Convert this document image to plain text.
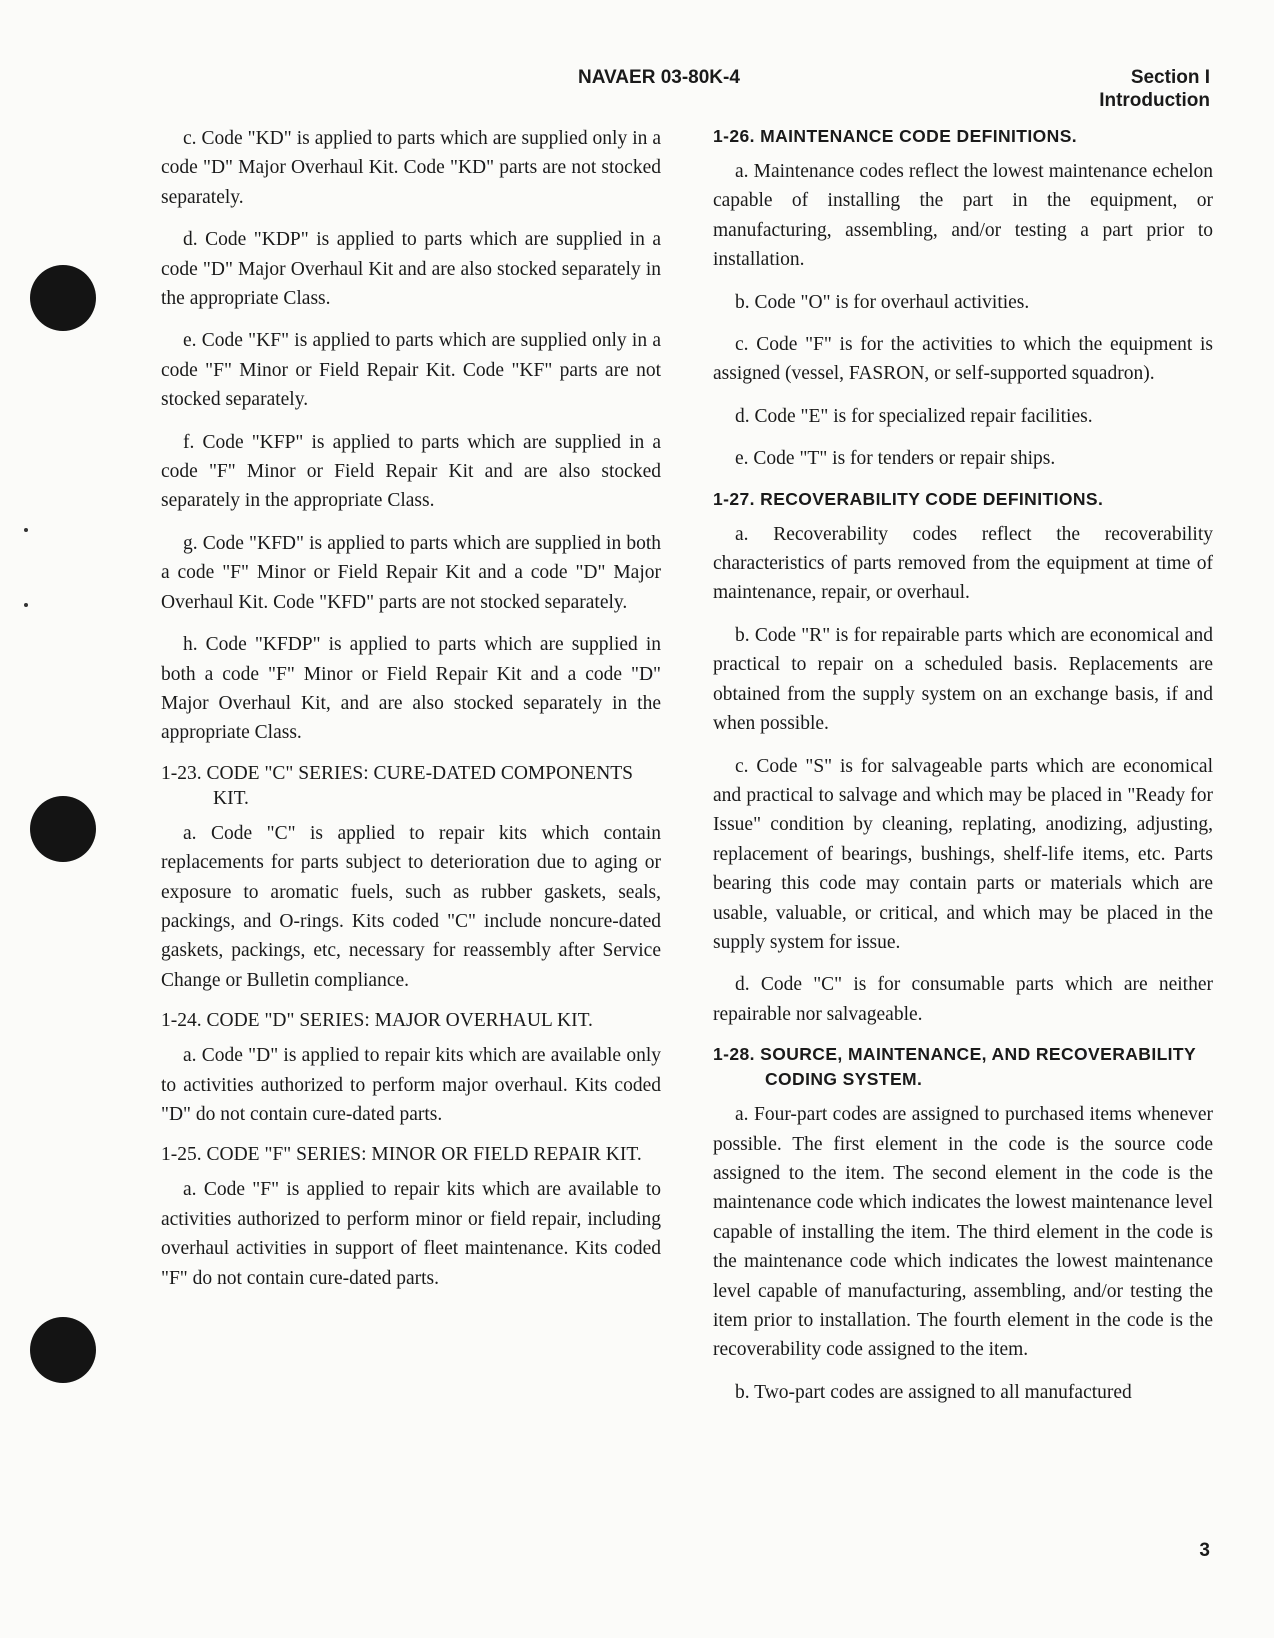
NAVAER 03-80K-4	Section I
Introduction

c. Code "KD" is applied to parts which are supplied only in a code "D" Major Overhaul Kit. Code "KD" parts are not stocked separately.

d. Code "KDP" is applied to parts which are supplied in a code "D" Major Overhaul Kit and are also stocked separately in the appropriate Class.

e. Code "KF" is applied to parts which are supplied only in a code "F" Minor or Field Repair Kit. Code "KF" parts are not stocked separately.

f. Code "KFP" is applied to parts which are supplied in a code "F" Minor or Field Repair Kit and are also stocked separately in the appropriate Class.

g. Code "KFD" is applied to parts which are supplied in both a code "F" Minor or Field Repair Kit and a code "D" Major Overhaul Kit. Code "KFD" parts are not stocked separately.

h. Code "KFDP" is applied to parts which are supplied in both a code "F" Minor or Field Repair Kit and a code "D" Major Overhaul Kit, and are also stocked separately in the appropriate Class.

1-23. CODE "C" SERIES: CURE-DATED COMPONENTS KIT.

a. Code "C" is applied to repair kits which contain replacements for parts subject to deterioration due to aging or exposure to aromatic fuels, such as rubber gaskets, seals, packings, and O-rings. Kits coded "C" include noncure-dated gaskets, packings, etc, necessary for reassembly after Service Change or Bulletin compliance.

1-24. CODE "D" SERIES: MAJOR OVERHAUL KIT.

a. Code "D" is applied to repair kits which are available only to activities authorized to perform major overhaul. Kits coded "D" do not contain cure-dated parts.

1-25. CODE "F" SERIES: MINOR OR FIELD REPAIR KIT.

a. Code "F" is applied to repair kits which are available to activities authorized to perform minor or field repair, including overhaul activities in support of fleet maintenance. Kits coded "F" do not contain cure-dated parts.

1-26. MAINTENANCE CODE DEFINITIONS.

a. Maintenance codes reflect the lowest maintenance echelon capable of installing the part in the equipment, or manufacturing, assembling, and/or testing a part prior to installation.

b. Code "O" is for overhaul activities.

c. Code "F" is for the activities to which the equipment is assigned (vessel, FASRON, or self-supported squadron).

d. Code "E" is for specialized repair facilities.

e. Code "T" is for tenders or repair ships.

1-27. RECOVERABILITY CODE DEFINITIONS.

a. Recoverability codes reflect the recoverability characteristics of parts removed from the equipment at time of maintenance, repair, or overhaul.

b. Code "R" is for repairable parts which are economical and practical to repair on a scheduled basis. Replacements are obtained from the supply system on an exchange basis, if and when possible.

c. Code "S" is for salvageable parts which are economical and practical to salvage and which may be placed in "Ready for Issue" condition by cleaning, replating, anodizing, adjusting, replacement of bearings, bushings, shelf-life items, etc. Parts bearing this code may contain parts or materials which are usable, valuable, or critical, and which may be placed in the supply system for issue.

d. Code "C" is for consumable parts which are neither repairable nor salvageable.

1-28. SOURCE, MAINTENANCE, AND RECOVERABILITY CODING SYSTEM.

a. Four-part codes are assigned to purchased items whenever possible. The first element in the code is the source code assigned to the item. The second element in the code is the maintenance code which indicates the lowest maintenance level capable of installing the item. The third element in the code is the maintenance code which indicates the lowest maintenance level capable of manufacturing, assembling, and/or testing the item prior to installation. The fourth element in the code is the recoverability code assigned to the item.

b. Two-part codes are assigned to all manufactured

3
